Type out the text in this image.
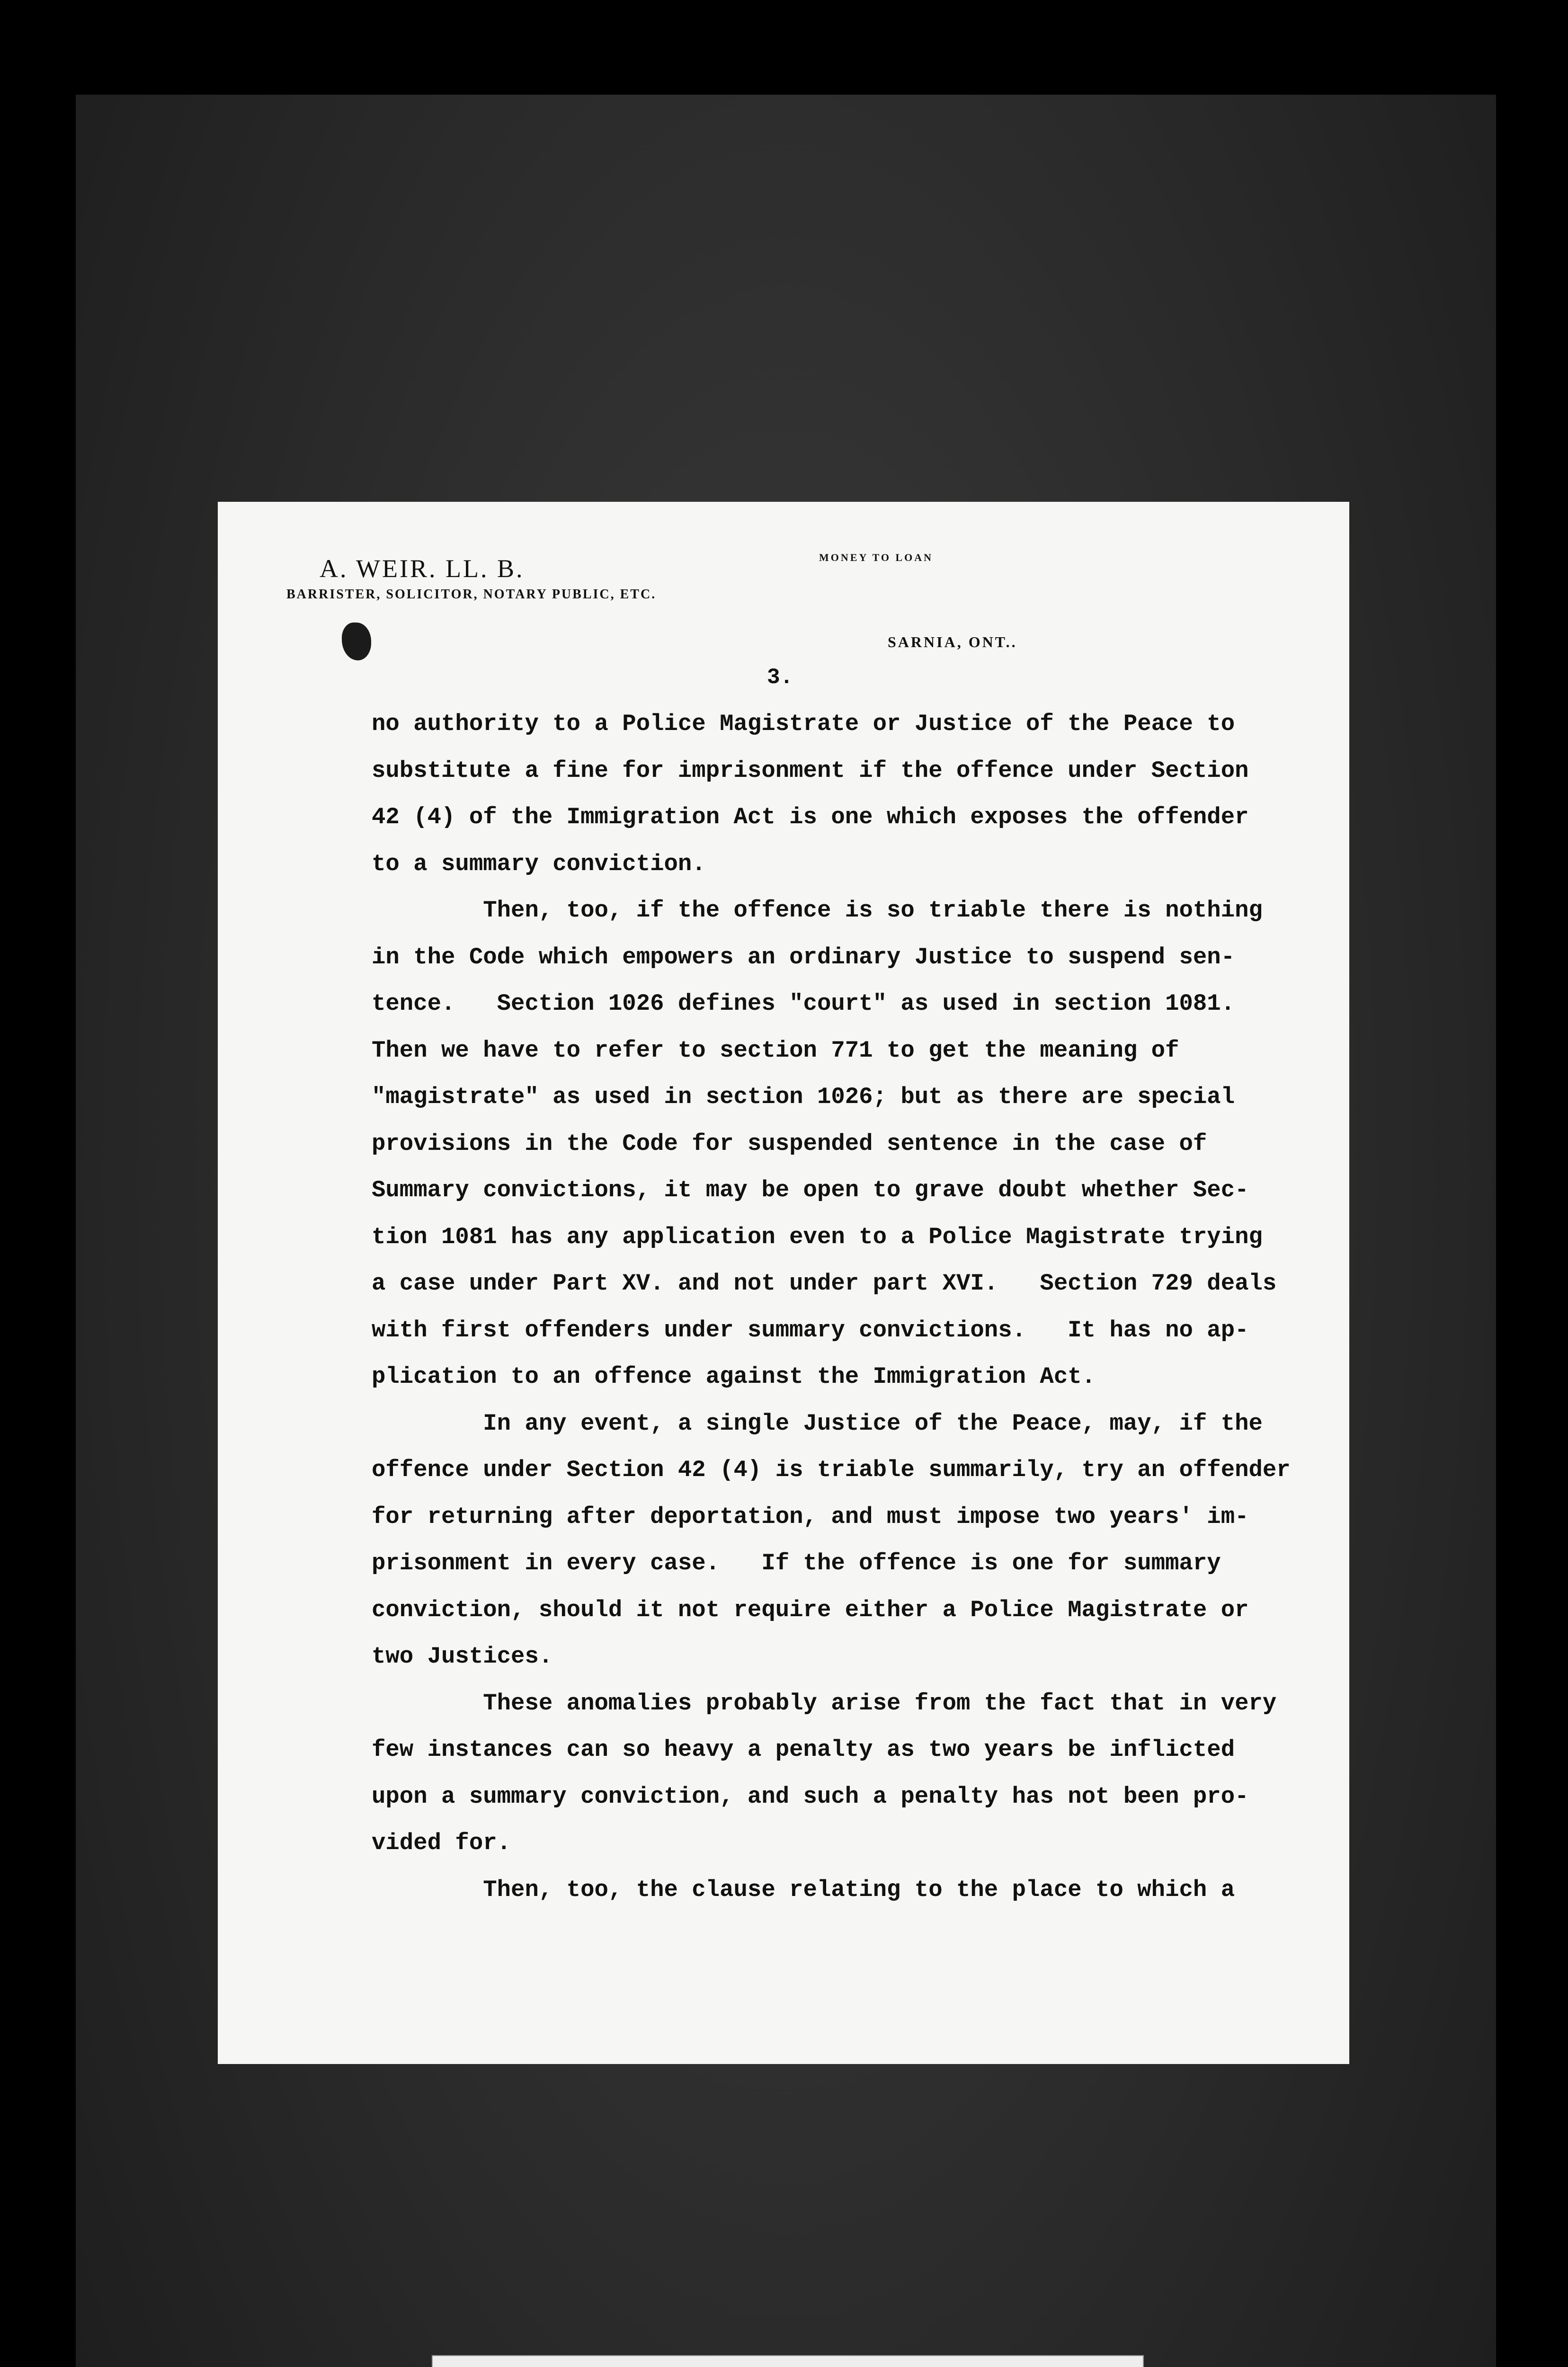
A. WEIR. LL. B.
BARRISTER, SOLICITOR, NOTARY PUBLIC, ETC.
MONEY TO LOAN
SARNIA, ONT..
3.
no authority to a Police Magistrate or Justice of the Peace to
substitute a fine for imprisonment if the offence under Section
42 (4) of the Immigration Act is one which exposes the offender
to a summary conviction.
Then, too, if the offence is so triable there is nothing
in the Code which empowers an ordinary Justice to suspend sen-
tence.   Section 1026 defines "court" as used in section 1081.
Then we have to refer to section 771 to get the meaning of
"magistrate" as used in section 1026; but as there are special
provisions in the Code for suspended sentence in the case of
Summary convictions, it may be open to grave doubt whether Sec-
tion 1081 has any application even to a Police Magistrate trying
a case under Part XV. and not under part XVI.   Section 729 deals
with first offenders under summary convictions.   It has no ap-
plication to an offence against the Immigration Act.
In any event, a single Justice of the Peace, may, if the
offence under Section 42 (4) is triable summarily, try an offender
for returning after deportation, and must impose two years' im-
prisonment in every case.   If the offence is one for summary
conviction, should it not require either a Police Magistrate or
two Justices.
These anomalies probably arise from the fact that in very
few instances can so heavy a penalty as two years be inflicted
upon a summary conviction, and such a penalty has not been pro-
vided for.
Then, too, the clause relating to the place to which a
